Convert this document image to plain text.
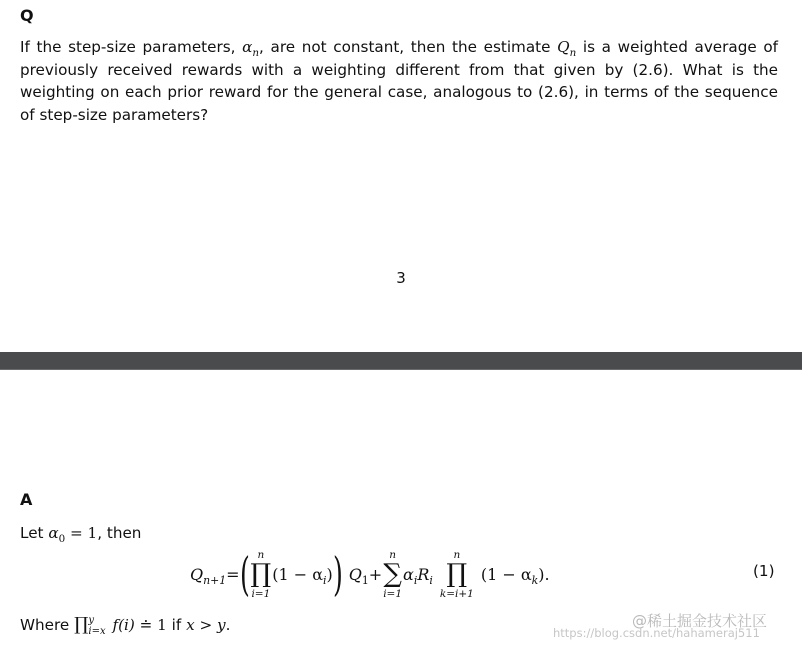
Q
If the step-size parameters, $\alpha_n$, are not constant, then the estimate $Q_n$ is a weighted average of previously received rewards with a weighting different from that given by (2.6). What is the weighting on each prior reward for the general case, analogous to (2.6), in terms of the sequence of step-size parameters?
3
A
Let $\alpha_0 = 1$, then
$Q_{n+1}$ = ( n
∏
i=1
$(1 - \alpha_i)$ ) $Q_1$ +
n
∑
i=1
$\alpha_iR_i$
n
∏
k=i+1
$(1 - \alpha_k)$.	(1)
Where ∏ y
i=x f(i) ≐ 1 if x > y.	@稀土掘金技术社区
https://blog.csdn.net/hahameraj511
